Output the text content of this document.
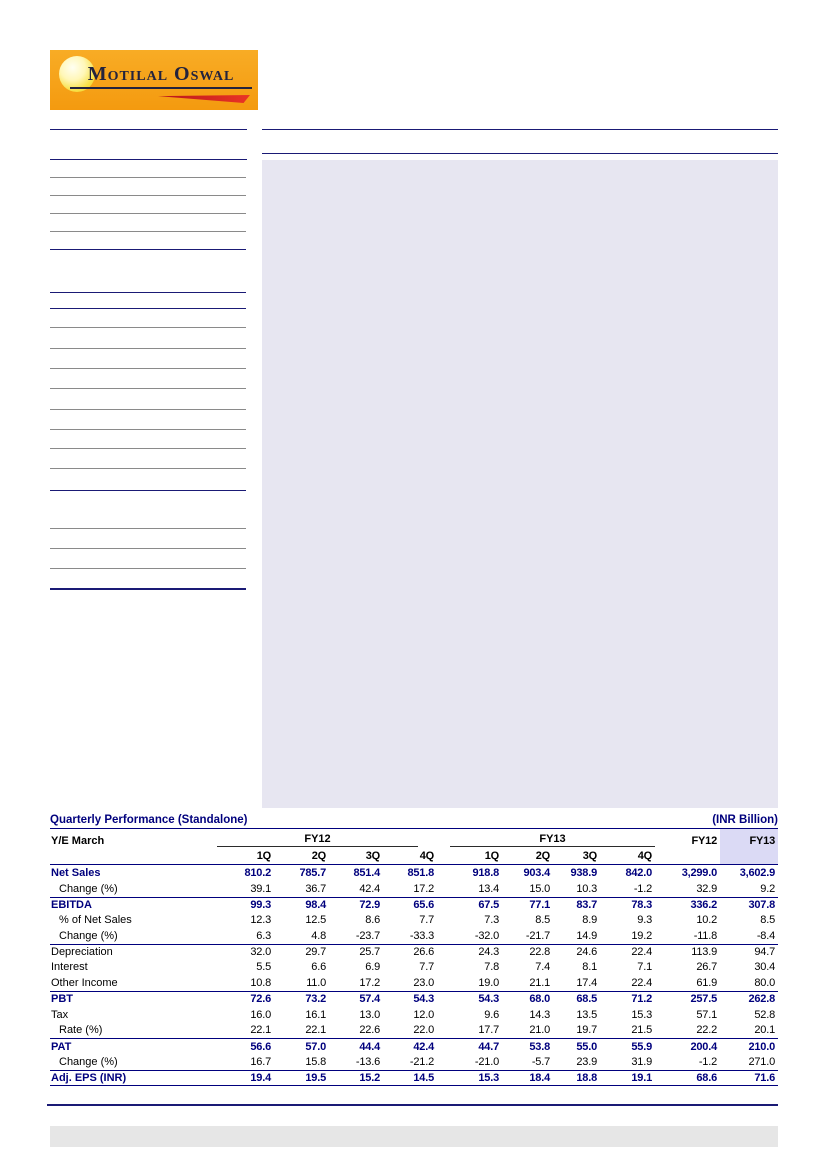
Motilal Oswal
Quarterly Performance (Standalone)	(INR Billion)
Y/E March	FY12	FY13	FY12	FY13
1Q	2Q	3Q	4Q	1Q	2Q	3Q	4Q
Net Sales	810.2	785.7	851.4	851.8	918.8	903.4	938.9	842.0	3,299.0	3,602.9
Change (%)	39.1	36.7	42.4	17.2	13.4	15.0	10.3	-1.2	32.9	9.2
EBITDA	99.3	98.4	72.9	65.6	67.5	77.1	83.7	78.3	336.2	307.8
% of Net Sales	12.3	12.5	8.6	7.7	7.3	8.5	8.9	9.3	10.2	8.5
Change (%)	6.3	4.8	-23.7	-33.3	-32.0	-21.7	14.9	19.2	-11.8	-8.4
Depreciation	32.0	29.7	25.7	26.6	24.3	22.8	24.6	22.4	113.9	94.7
Interest	5.5	6.6	6.9	7.7	7.8	7.4	8.1	7.1	26.7	30.4
Other Income	10.8	11.0	17.2	23.0	19.0	21.1	17.4	22.4	61.9	80.0
PBT	72.6	73.2	57.4	54.3	54.3	68.0	68.5	71.2	257.5	262.8
Tax	16.0	16.1	13.0	12.0	9.6	14.3	13.5	15.3	57.1	52.8
Rate (%)	22.1	22.1	22.6	22.0	17.7	21.0	19.7	21.5	22.2	20.1
PAT	56.6	57.0	44.4	42.4	44.7	53.8	55.0	55.9	200.4	210.0
Change (%)	16.7	15.8	-13.6	-21.2	-21.0	-5.7	23.9	31.9	-1.2	271.0
Adj. EPS (INR)	19.4	19.5	15.2	14.5	15.3	18.4	18.8	19.1	68.6	71.6
